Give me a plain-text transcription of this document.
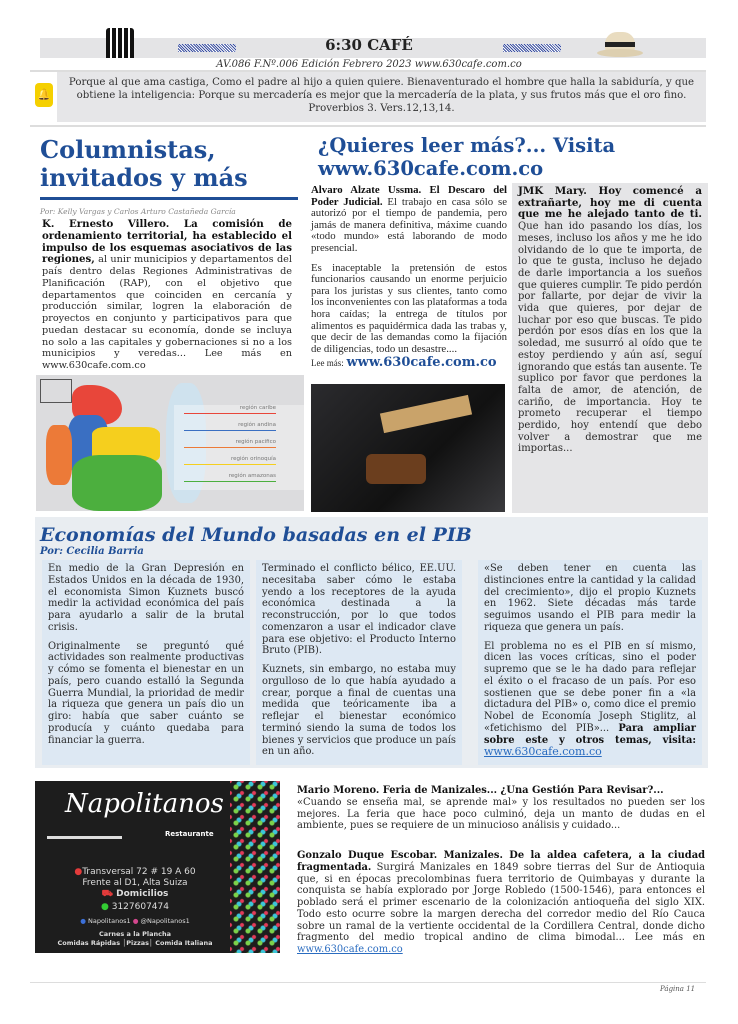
6:30 CAFÉ
AV.086 F.Nº.006 Edición Febrero 2023 www.630cafe.com.co
🔔
Porque al que ama castiga, Como el padre al hijo a quien quiere. Bienaventurado el hombre que halla la sabiduría, y que obtiene la inteligencia: Porque su mercadería es mejor que la mercadería de la plata, y sus frutos más que el oro fino. Proverbios 3. Vers.12,13,14.
Columnistas,
invitados y más
Por: Kelly Vargas y Carlos Arturo Castañeda García
K. Ernesto Villero. La comisión de ordenamiento territorial, ha establecido el impulso de los esquemas asociativos de las regiones, al unir municipios y departamentos del país dentro delas Regiones Administrativas de Planificación (RAP), con el objetivo que departamentos que coinciden en cercanía y producción similar, logren la elaboración de proyectos en conjunto y participativos para que puedan destacar su economía, donde se incluya no solo a las capitales y gobernaciones si no a los municipios y veredas... Lee más en www.630cafe.com.co
región caribe
región andina
región pacifico
región orinoquía
región amazonas
¿Quieres leer más?... Visita
www.630cafe.com.co

Alvaro Alzate Ussma. El Descaro del Poder Judicial. El trabajo en casa sólo se autorizó por el tiempo de pandemia, pero jamás de manera definitiva, máxime cuando «todo mundo» está laborando de modo presencial.

Es inaceptable la pretensión de estos funcionarios causando un enorme perjuicio para los juristas y sus clientes, tanto como los inconvenientes con las plataformas a toda hora caídas; la entrega de títulos por alimentos es paquidérmica dada las trabas y, que decir de las demandas como la fijación de diligencias, todo un desastre....

Lee más: www.630cafe.com.co

JMK Mary. Hoy comencé a extrañarte, hoy me di cuenta que me he alejado tanto de ti. Que han ido pasando los días, los meses, incluso los años y me he ido olvidando de lo que te importa, de lo que te gusta, incluso he dejado de darle importancia a los sueños que quieres cumplir. Te pido perdón por fallarte, por dejar de vivir la vida que quieres, por dejar de luchar por eso que buscas. Te pido perdón por esos días en los que la soledad, me susurró al oído que te estoy perdiendo y aún así, seguí ignorando que estás tan ausente. Te suplico por favor que perdones la falta de amor, de atención, de cariño, de importancia. Hoy te prometo recuperar el tiempo perdido, hoy entendí que debo volver a demostrar que me importas...
Economías del Mundo basadas en el PIB
Por: Cecilia Barria

En medio de la Gran Depresión en Estados Unidos en la década de 1930, el economista Simon Kuznets buscó medir la actividad económica del país para ayudarlo a salir de la brutal crisis.

Originalmente se preguntó qué actividades son realmente productivas y cómo se fomenta el bienestar en un país, pero cuando estalló la Segunda Guerra Mundial, la prioridad de medir la riqueza que genera un país dio un giro: había que saber cuánto se producía y cuánto quedaba para financiar la guerra.

Terminado el conflicto bélico, EE.UU. necesitaba saber cómo le estaba yendo a los receptores de la ayuda económica destinada a la reconstrucción, por lo que todos comenzaron a usar el indicador clave para ese objetivo: el Producto Interno Bruto (PIB).

Kuznets, sin embargo, no estaba muy orgulloso de lo que había ayudado a crear, porque a final de cuentas una medida que teóricamente iba a reflejar el bienestar económico terminó siendo la suma de todos los bienes y servicios que produce un país en un año.

«Se deben tener en cuenta las distinciones entre la cantidad y la calidad del crecimiento», dijo el propio Kuznets en 1962. Siete décadas más tarde seguimos usando el PIB para medir la riqueza que genera un país.

El problema no es el PIB en sí mismo, dicen las voces críticas, sino el poder supremo que se le ha dado para reflejar el éxito o el fracaso de un país. Por eso sostienen que se debe poner fin a «la dictadura del PIB» o, como dice el premio Nobel de Economía Joseph Stiglitz, al «fetichismo del PIB»... Para ampliar sobre este y otros temas, visita: www.630cafe.com.co

Napolitanos
Restaurante
●Transversal 72 # 19 A 60
Frente al D1, Alta Suiza
⛟ Domicilios
● 3127607474
● Napolitanos1 ● @Napolitanos1
Carnes a la Plancha
Comidas Rápidas │Pizzas│ Comida Italiana
Mario Moreno. Feria de Manizales... ¿Una Gestión Para Revisar?...
«Cuando se enseña mal, se aprende mal» y los resultados no pueden ser los mejores. La feria que hace poco culminó, deja un manto de dudas en el ambiente, pues se requiere de un minucioso análisis y cuidado...
Gonzalo Duque Escobar. Manizales. De la aldea cafetera, a la ciudad fragmentada. Surgirá Manizales en 1849 sobre tierras del Sur de Antioquia que, si en épocas precolombinas fuera territorio de Quimbayas y durante la conquista se había explorado por Jorge Robledo (1500-1546), para entonces el poblado será el primer escenario de la colonización antioqueña del siglo XIX. Todo esto ocurre sobre la margen derecha del corredor medio del Río Cauca sobre un ramal de la vertiente occidental de la Cordillera Central, donde dicho fragmento del medio tropical andino de clima bimodal... Lee más en www.630cafe.com.co
Página 11
